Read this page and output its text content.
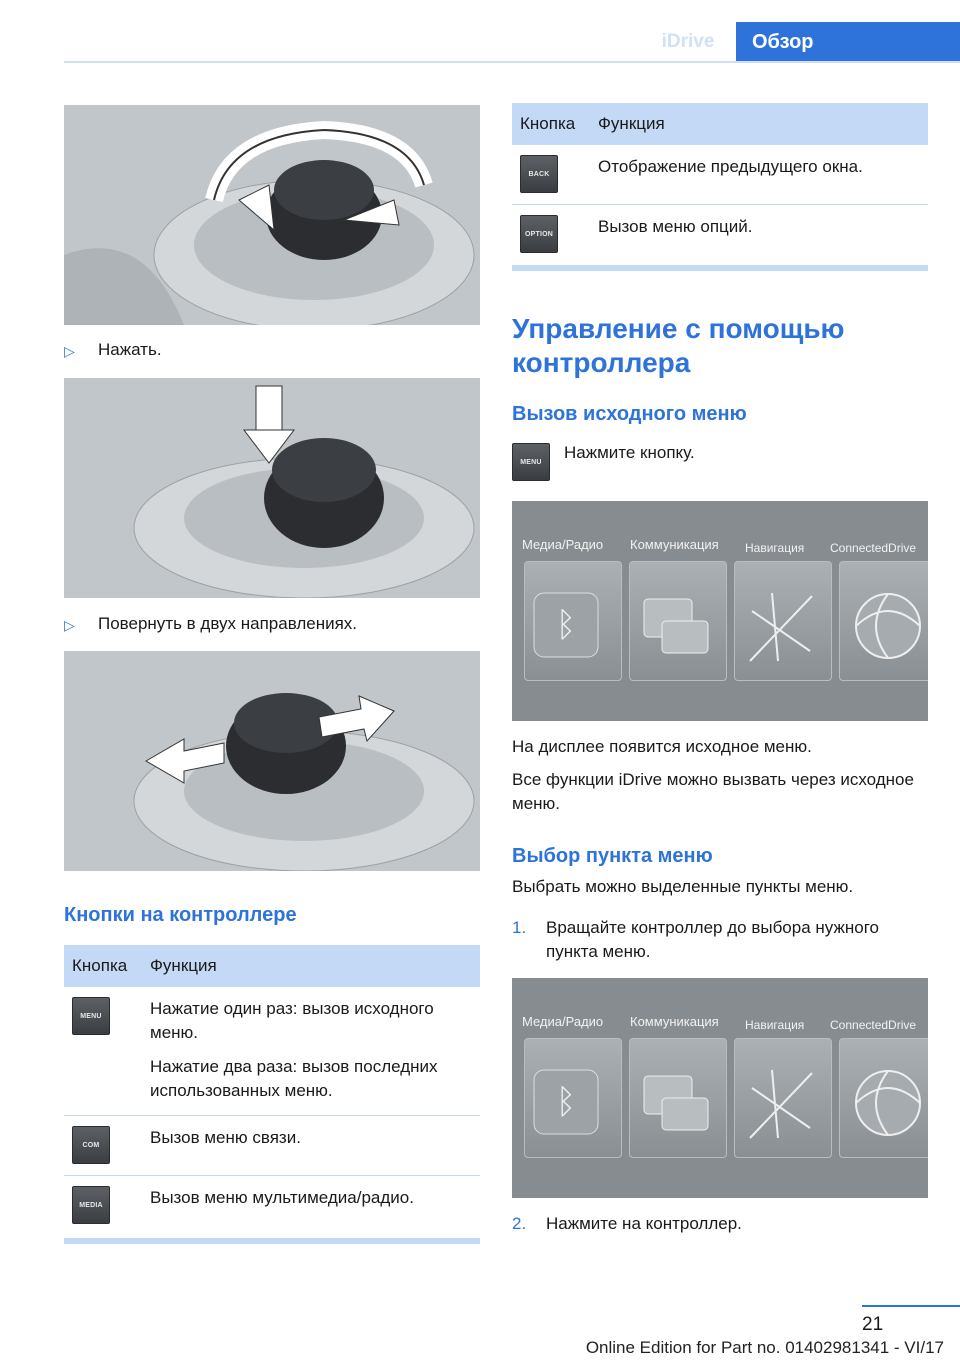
iDrive	Обзор
▷	Нажать.
▷	Повернуть в двух направлениях.
Кнопки на контроллере
Кнопка	Функция
MENU	Нажатие один раз: вызов исходного меню.

Нажатие два раза: вызов последних использованных меню.

COM	Вызов меню связи.
MEDIA	Вызов меню мультимедиа/радио.
Кнопка	Функция
BACK	Отображение предыдущего окна.
OPTION	Вызов меню опций.
Управление с помощью контроллера
Вызов исходного меню
MENU	Нажмите кнопку.
Медиа/Радио Коммуникация Навигация ConnectedDrive
ᛒ
На дисплее появится исходное меню.
Все функции iDrive можно вызвать через исходное меню.
Выбор пункта меню
Выбрать можно выделенные пункты меню.
1.	Вращайте контроллер до выбора нужного пункта меню.
Медиа/Радио Коммуникация Навигация ConnectedDrive
ᛒ
2.	Нажмите на контроллер.
21
Online Edition for Part no. 01402981341 - VI/17
